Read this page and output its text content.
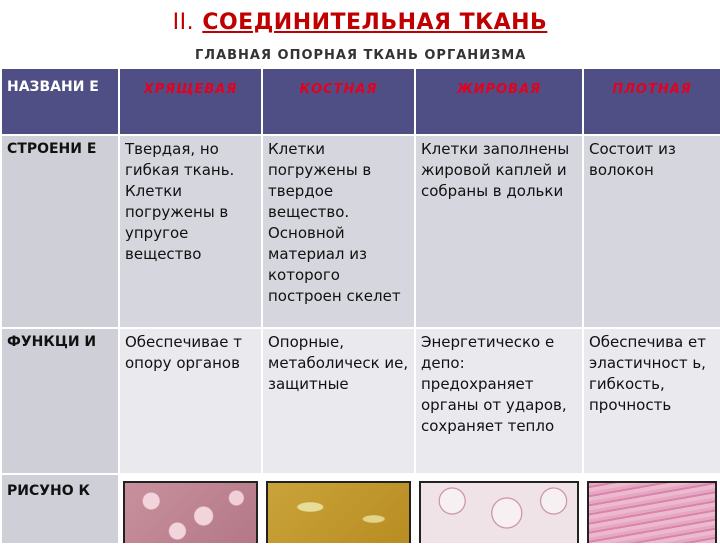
II. СОЕДИНИТЕЛЬНАЯ ТКАНЬ
ГЛАВНАЯ ОПОРНАЯ ТКАНЬ ОРГАНИЗМА
НАЗВАНИ Е	ХРЯЩЕВАЯ	КОСТНАЯ	ЖИРОВАЯ	ПЛОТНАЯ
СТРОЕНИ Е	Твердая, но гибкая ткань. Клетки погружены в упругое вещество	Клетки погружены в твердое вещество. Основной материал из которого построен скелет	Клетки заполнены жировой каплей и собраны в дольки	Состоит из волокон
ФУНКЦИ И	Обеспечивае т опору органов	Опорные, метаболическ ие, защитные	Энергетическо е депо: предохраняет органы от ударов, сохраняет тепло	Обеспечива ет эластичност ь, гибкость, прочность
РИСУНО К	
